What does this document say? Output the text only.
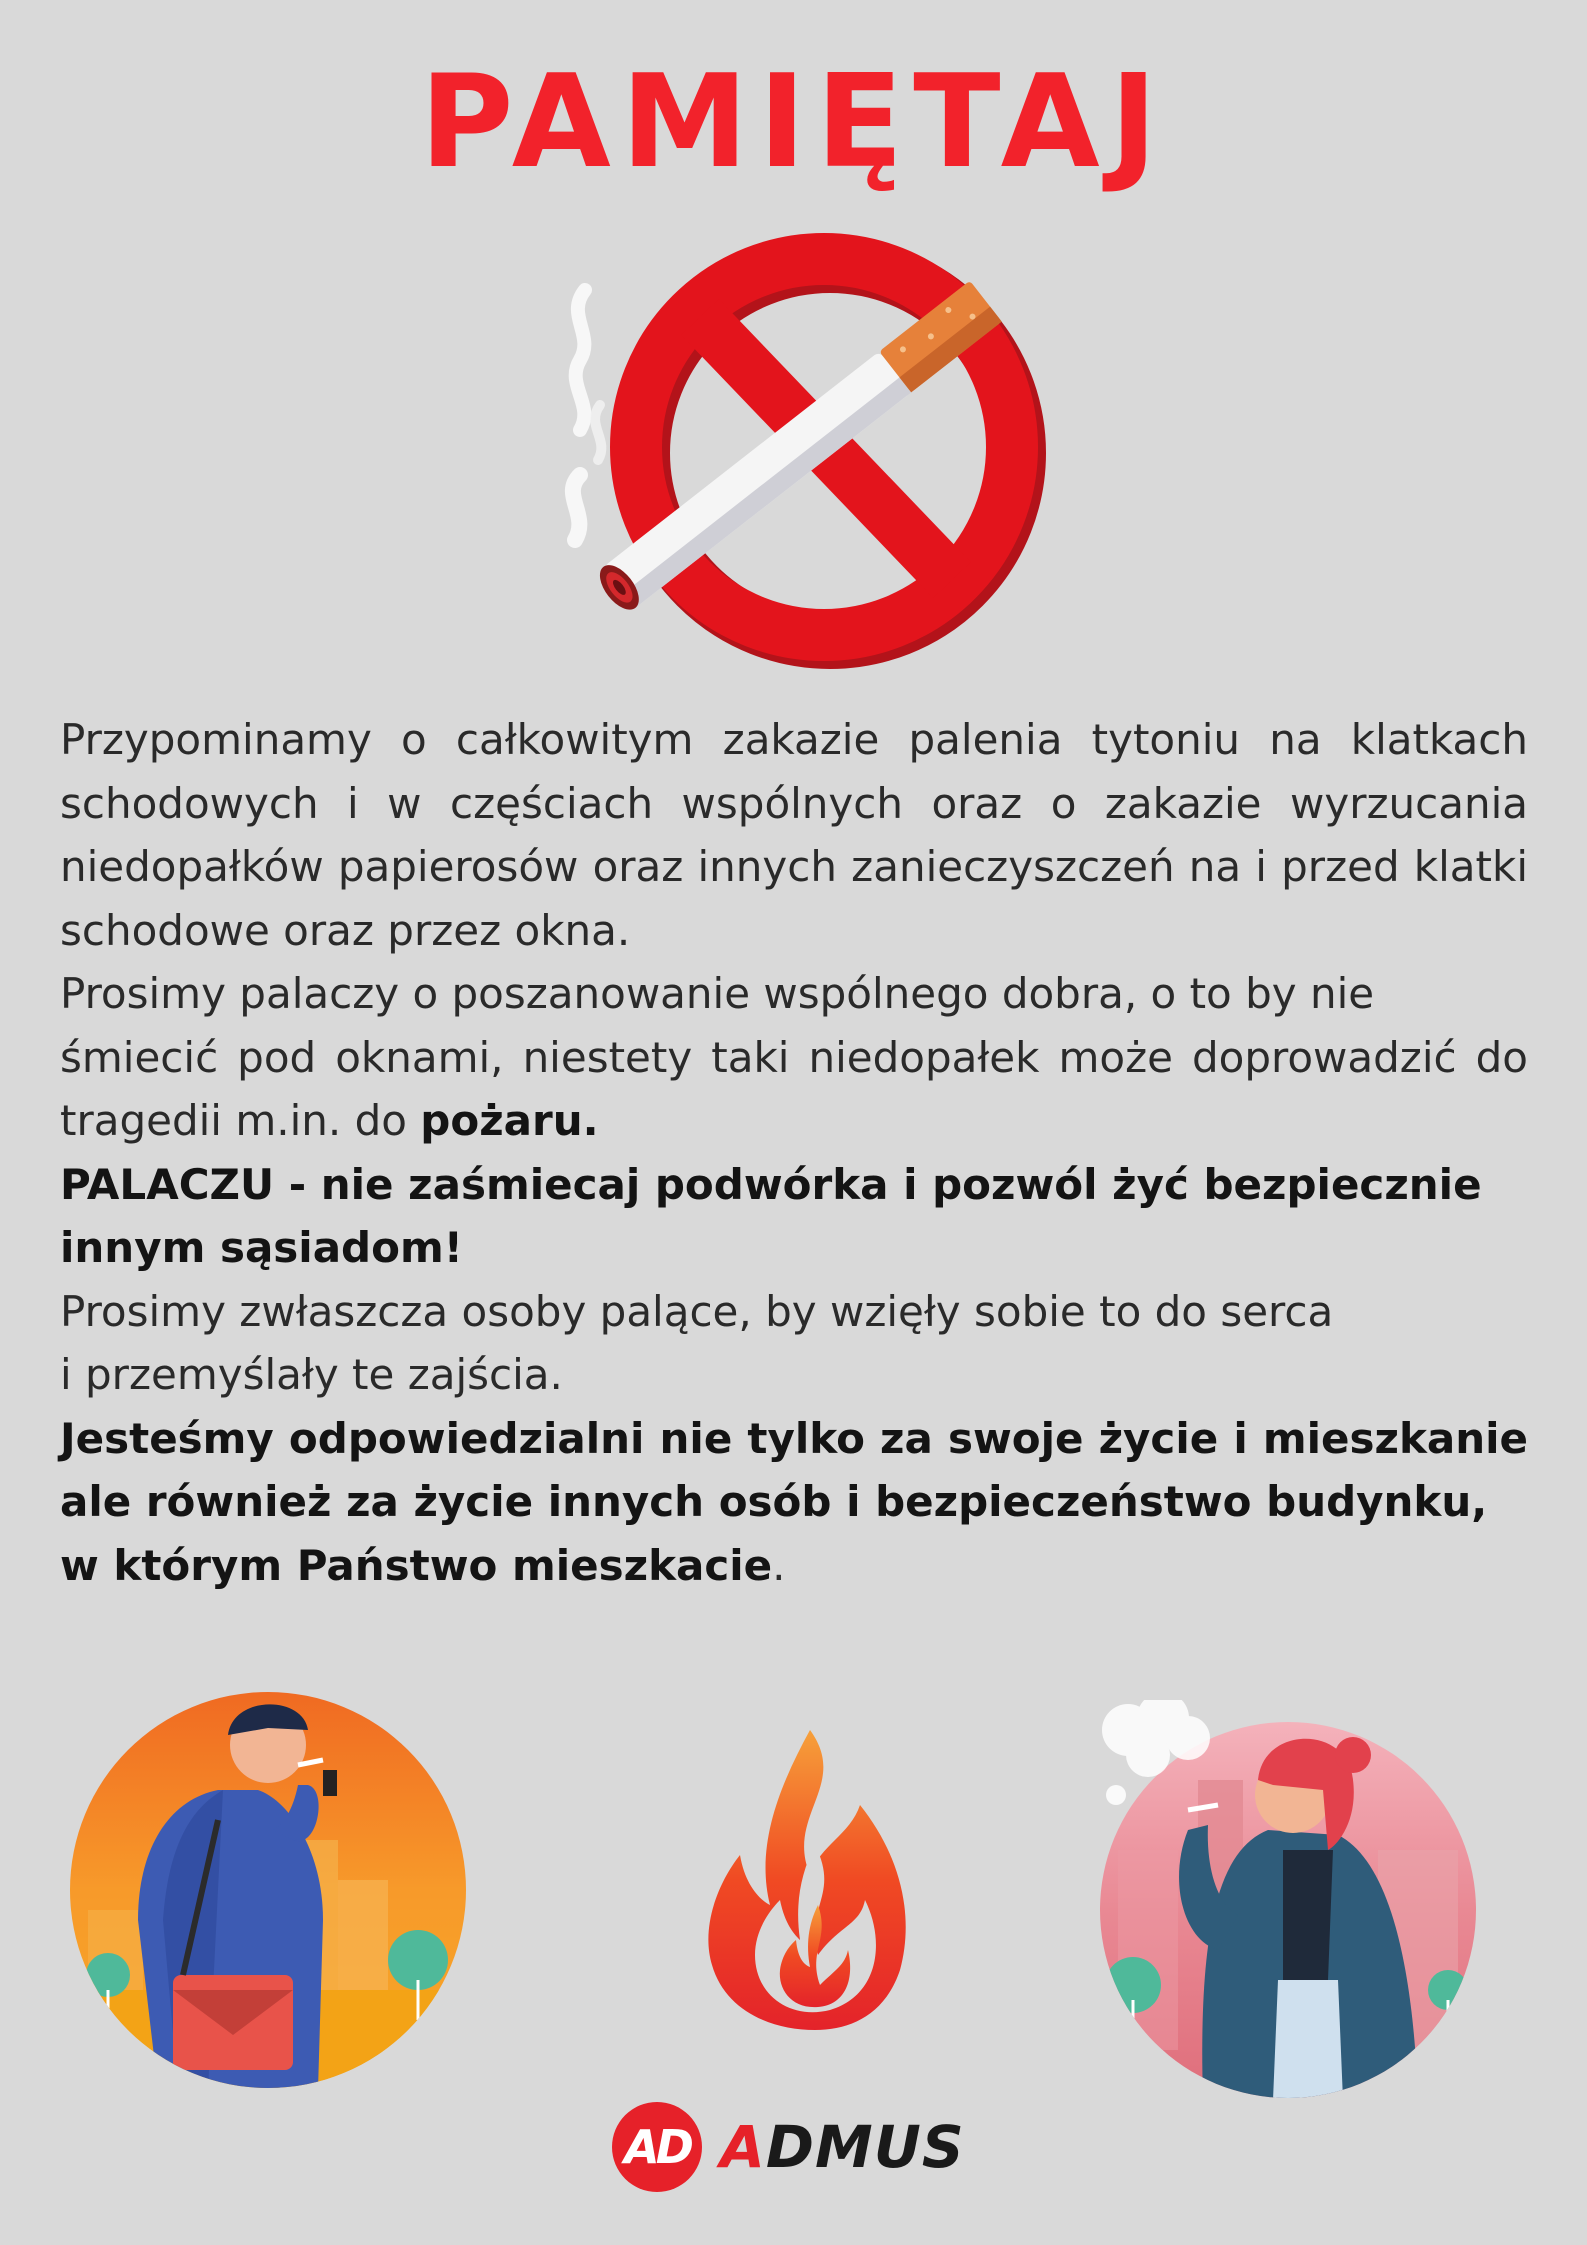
PAMIĘTAJ

Przypominamy o całkowitym zakazie palenia tytoniu na klatkach

schodowych i w częściach wspólnych oraz o zakazie wyrzucania

niedopałków papierosów oraz innych zanieczyszczeń na i przed klatki

schodowe oraz przez okna.

Prosimy palaczy o poszanowanie wspólnego dobra, o to by nie

śmiecić pod oknami, niestety taki niedopałek może doprowadzić do

tragedii m.in. do pożaru.

PALACZU - nie zaśmiecaj podwórka i pozwól żyć bezpiecznie

innym sąsiadom!

Prosimy zwłaszcza osoby palące, by wzięły sobie to do serca

i przemyślały te zajścia.

Jesteśmy odpowiedzialni nie tylko za swoje życie i mieszkanie

ale również za życie innych osób i bezpieczeństwo budynku,

w którym Państwo mieszkacie.

AD ADMUS
